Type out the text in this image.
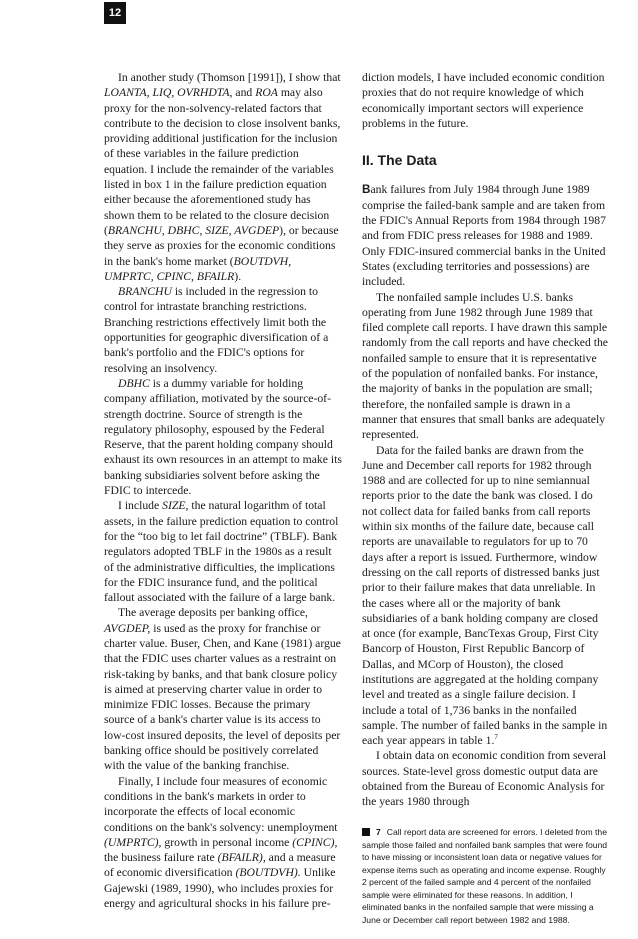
12

In another study (Thomson [1991]), I show that LOANTA, LIQ, OVRHDTA, and ROA may also proxy for the non-solvency-related factors that contribute to the decision to close insolvent banks, providing additional justification for the inclusion of these variables in the failure prediction equation. I include the remainder of the variables listed in box 1 in the failure prediction equation either because the aforementioned study has shown them to be related to the closure decision (BRANCHU, DBHC, SIZE, AVGDEP), or because they serve as proxies for the economic conditions in the bank's home market (BOUTDVH, UMPRTC, CPINC, BFAILR).

BRANCHU is included in the regression to control for intrastate branching restrictions. Branching restrictions effectively limit both the opportunities for geographic diversification of a bank's portfolio and the FDIC's options for resolving an insolvency.

DBHC is a dummy variable for holding company affiliation, motivated by the source-of-strength doctrine. Source of strength is the regulatory philosophy, espoused by the Federal Reserve, that the parent holding company should exhaust its own resources in an attempt to make its banking subsidiaries solvent before asking the FDIC to intercede.

I include SIZE, the natural logarithm of total assets, in the failure prediction equation to control for the “too big to let fail doctrine” (TBLF). Bank regulators adopted TBLF in the 1980s as a result of the administrative difficulties, the implications for the FDIC insurance fund, and the political fallout associated with the failure of a large bank.

The average deposits per banking office, AVGDEP, is used as the proxy for franchise or charter value. Buser, Chen, and Kane (1981) argue that the FDIC uses charter values as a restraint on risk-taking by banks, and that bank closure policy is aimed at preserving charter value in order to minimize FDIC losses. Because the primary source of a bank's charter value is its access to low-cost insured deposits, the level of deposits per banking office should be positively correlated with the value of the banking franchise.

Finally, I include four measures of economic conditions in the bank's markets in order to incorporate the effects of local economic conditions on the bank's solvency: unemployment (UMPRTC), growth in personal income (CPINC), the business failure rate (BFAILR), and a measure of economic diversification (BOUTDVH). Unlike Gajewski (1989, 1990), who includes proxies for energy and agricultural shocks in his failure pre-

diction models, I have included economic condition proxies that do not require knowledge of which economically important sectors will experience problems in the future.

II. The Data

Bank failures from July 1984 through June 1989 comprise the failed-bank sample and are taken from the FDIC's Annual Reports from 1984 through 1987 and from FDIC press releases for 1988 and 1989. Only FDIC-insured commercial banks in the United States (excluding territories and possessions) are included.

The nonfailed sample includes U.S. banks operating from June 1982 through June 1989 that filed complete call reports. I have drawn this sample randomly from the call reports and have checked the nonfailed sample to ensure that it is representative of the population of nonfailed banks. For instance, the majority of banks in the population are small; therefore, the nonfailed sample is drawn in a manner that ensures that small banks are adequately represented.

Data for the failed banks are drawn from the June and December call reports for 1982 through 1988 and are collected for up to nine semiannual reports prior to the date the bank was closed. I do not collect data for failed banks from call reports within six months of the failure date, because call reports are unavailable to regulators for up to 70 days after a report is issued. Furthermore, window dressing on the call reports of distressed banks just prior to their failure makes that data unreliable. In the cases where all or the majority of bank subsidiaries of a bank holding company are closed at once (for example, BancTexas Group, First City Bancorp of Houston, First Republic Bancorp of Dallas, and MCorp of Houston), the closed institutions are aggregated at the holding company level and treated as a single failure decision. I include a total of 1,736 banks in the nonfailed sample. The number of failed banks in the sample in each year appears in table 1.$^7$

I obtain data on economic condition from several sources. State-level gross domestic output data are obtained from the Bureau of Economic Analysis for the years 1980 through

7 Call report data are screened for errors. I deleted from the sample those failed and nonfailed bank samples that were found to have missing or inconsistent loan data or negative values for expense items such as operating and income expense. Roughly 2 percent of the failed sample and 4 percent of the nonfailed sample were eliminated for these reasons. In addition, I eliminated banks in the nonfailed sample that were missing a June or December call report between 1982 and 1988.
